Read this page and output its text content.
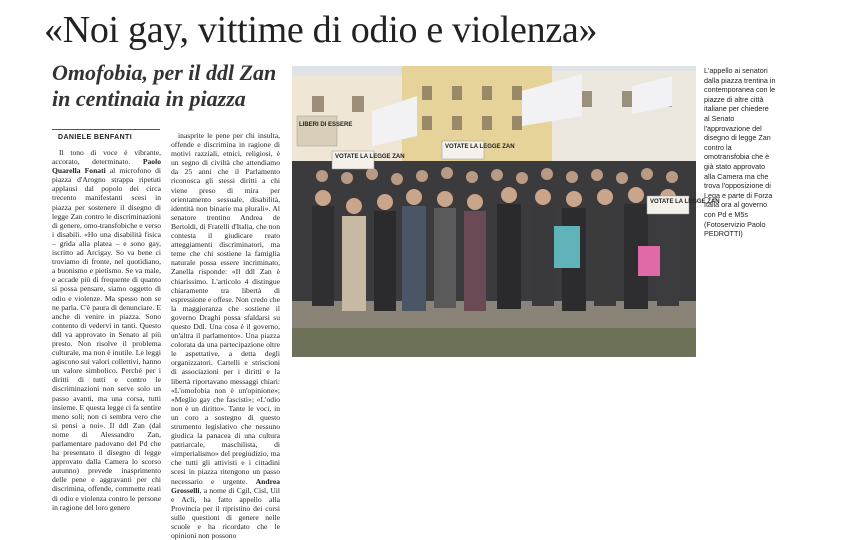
«Noi gay, vittime di odio e violenza»
Omofobia, per il ddl Zan in centinaia in piazza
DANIELE BENFANTI

Il tono di voce è vibrante, accorato, determinato. Paolo Quarella Fonati al microfono di piazza d'Arogno strappa ripetuti applausi dal popolo dei circa trecento manifestanti scesi in piazza per sostenere il disegno di legge Zan contro le discriminazioni di genere, omo-transfobiche e verso i disabili. «Ho una disabilità fisica – grida alla platea – e sono gay, iscritto ad Arcigay. So va bene ci troviamo di fronte, nel quotidiano, a buonismo e pietismo. Se va male, e accade più di frequente di quanto si possa pensare, siamo oggetto di odio e violenze. Ma spesso non se ne parla. C'è paura di denunciare. E anche di venire in piazza. Sono contento di vedervi in tanti. Questo ddl va approvato in Senato al più presto. Non risolve il problema culturale, ma non è inutile. Le leggi agiscono sui valori collettivi, hanno un valore simbolico. Perché per i diritti di tutti e contro le discriminazioni non serve solo un passo avanti, ma una corsa, tutti insieme. E questa legge ci fa sentire meno soli; non ci sembra vero che si pensi a noi». Il ddl Zan (dal nome di Alessandro Zan, parlamentare padovano del Pd che ha presentato il disegno di legge approvato dalla Camera lo scorso autunno) prevede inasprimento delle pene e aggravanti per chi discrimina, offende, commette reati di odio e violenza contro le persone in ragione del loro genere

inasprite le pene per chi insulta, offende e discrimina in ragione di motivi razziali, etnici, religiosi, è un segno di civiltà che attendiamo da 25 anni che il Parlamento riconosca gli stessi diritti a chi viene preso di mira per orientamento sessuale, disabilità, identità non binarie ma plurali». Al senatore trentino Andrea de Bertoldi, di Fratelli d'Italia, che non contesta il giudicare reato atteggiamenti discriminatori, ma teme che chi sostiene la famiglia naturale possa essere incriminato, Zanella risponde: «Il ddl Zan è chiarissimo. L'articolo 4 distingue chiaramente tra libertà di espressione e offese. Non credo che la maggioranza che sostiene il governo Draghi possa sfaldarsi su questo Ddl. Una cosa è il governo, un'altra il parlamento». Una piazza colorata da una partecipazione oltre le aspettative, a detta degli organizzatori. Cartelli e striscioni di associazioni per i diritti e la libertà riportavano messaggi chiari: «L'omofobia non è un'opinione»; «Meglio gay che fascisti»; «L'odio non è un diritto». Tante le voci, in un coro a sostegno di questo strumento legislativo che nessuno giudica la panacea di una cultura patriarcale, maschilista, di «imperialismo» del pregiudizio, ma che tutti gli attivisti e i cittadini scesi in piazza ritengono un passo necessario e urgente. Andrea Grosselli, a nome di Cgil, Cisl, Uil e Acli, ha fatto appello alla Provincia per il ripristino dei corsi sulle questioni di genere nelle scuole e ha ricordato che le opinioni non possono

VOTATE LA LEGGE ZAN
VOTATE LA LEGGE ZAN
VOTATE LA LEGGE ZAN
LIBERI DI ESSERE
L'appello ai senatori dalla piazza trentina in contemporanea con le piazze di altre città italiane per chiedere al Senato l'approvazione del disegno di legge Zan contro la omotransfobia che è già stato approvato alla Camera ma che trova l'opposizione di Lega e parte di Forza Italia ora al governo con Pd e M5s (Fotoservizio Paolo PEDROTTI)
